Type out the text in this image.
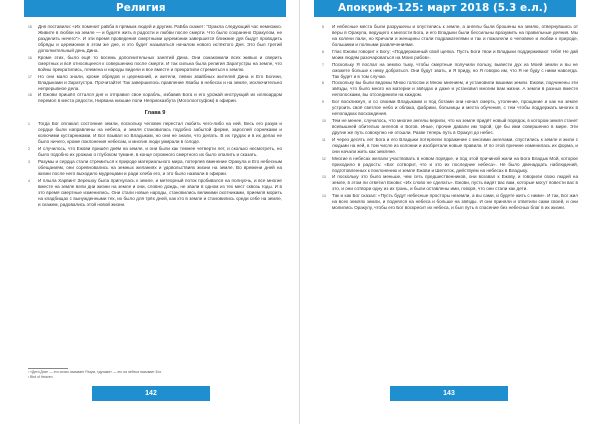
Религия
15 Дня поставили: «Их поменит раБба в прямым людей и другим. РаБба скажет: “Оракла следующий час немножко. Живите в любви на земле — и будете жить в радости и любви после смерти. Что было сохранено Оракулом, не разделить ничего”». И эти время проведения смертными церемонии завершится ближние дуя быдут проводить обряды и церемонии в этом же дне, и это будет называться началом нового истёктого Дня. Это был третий дополнительный день Дина.
16 Кроме этих, было ещё то восемь дополнительных занятий Дина. Они ознакомили всех живых и сверить смертных и всё относящееся к совершению после смерти. И так сильна была религия Заратустры на земле, что войны прекратились, племена и народы видели и все вместе и прекратили стремиться к землю.
17 Но они мало знали, кроме обрядов и церемоний, и жители, певни звайбных жителей Дина и Его Богини, Владыками и Заратустра. Прочитайте! Так завершилось правление Хвабы в небесах и на земле, исключительно непрерывное дела.
18 И Ежови пришёл оттался дня и отправил свое корабль, избавив Бога и его урожай инструкций их иллюардом перемол в места рядости, Нирвана низшие поли Неприоказбута (Моголоотсуфом) в эфирии.
Глава 9
1 Тогда Бог оплакал состояние земли, поскольку человек перестал любить чего-либо на ней. Весь его разум и сердце были направлены на небеса, и земля становилась подобно забытой ферме, зарослей сорняками и колючими кустарниками. И Бог взывал ко Владыкам, но они не знали, что делать. В их трудах и в их делах не было ничего, кроме поклонения небесам, и многие люди умирали в голоде.
2 И случилось, что Ежови пришёл днём на земле, и они были как темнее четверти лет, и сколько несмотреть, но было подобно их урожаю о глубоком тумане, в конце огромного смертного их было опалить и сказать.
3 Разумы и сердца стали стремиться к природе материального мира, потерпев вменение Оракула и Его небесным обещаниям, они соревновались на земных желаниях и удовольствиях жизни на земле. Во времени дней на жизни после него выходило мудрецами и ради хлеба его, и это было назвали в эфирии.
4 И плыла Харвинт Зерешоу была пригнулась к земле, и метеорный поток пробивался на полнуочь, и все многие вместе на земле вели дни жизни на земле и они, словно дождь, не звали в одном из тех мест сквозь годы. И в это время смертные изменились. Они стали новые народы, становились великими охотниками, приемля морить на кладбищах с вынужденными тех, их было для трёх дней, как кто в земле и становились среди себе на земле, и скажем, радовались этой новой жизни.
¹ «Дети Дня» — это слово называет Разум, «духами» — это на небеса называет Бог.
² Bird of Heaven.
142
Апокриф-125: март 2018 (5.3 е.л.)
5 И небесные места были разрушены и опустились к земле, а ангелы были брошены на землю, отвернувшись от веры в Оракула, ведущего к милости Бога, и его Владыки были бессильны вразумить на правильные деяния. Мы на колени пали, но Кричали и женщины стали подражателями и так и пожалели о человеке и любви к природе, большими и полными развлечениями.
6 Глас Ежови говорит к Богу: «Поддержанный свой щепка. Пусть Боги твои и Владыки поддерживают тебя! Не дай моим людям разочароваться на Моих рабов».
7 Поскольку Я послал на землю тьму, чтобы смертные получили пользу, вывести дух из Моей земли и вы не сможете больше к нему добраться. Они будут звать, и Я приду, но Я говорю им, что Я не буду с ними навсегда. Так будет и в том случае.
8 Поскольку вы были ведомы Мною голосом и Мною мнением, и установили вашими земли. Ежови, подчинены эти звёзды, что было много на материи и звёздах и даже и установил многим вам жизни. А земли в разных вместе неполосками, вы отсоединили на каждом.
9 Бог воскликнул, и со своими Владыками и под ботами они начал смерть, утоление, прощание и как на земле устроить своё светлое небо и облака, фабрики, больницы и места обучения, с тем чтобы поддержать многих в неполадках восхождения.
10 Тем не менее, случилось, что многие ангелы верили, что на земле придёт новый порядок, в котором земля станет всевышней обителью ангелов и Богов. Иные, прочие давали им тарой, где бы ими совершенно в мире. Эти другие же путь совокупно не отошли. Разве теперь путь в Оракул до небес.
11 И через десять лет Бога и его Владыки потерпели поражение с многими ангелами, спустились к земле и жили с людьми на ней, в том числе из колонии и изобретали новые правила. И по этой причине изменилась их форма, и они начали жить как земляне.
12 Многие в небесах желали участвовать в новом порядке, и под этой причиной жили на Бога Владык Мой, которое приходило в радость: «Бог сотворит, что и это их последние небеса». Не было двенадцать наблюдений, подготовленных к поклонению и земле Ежови и Шепоток, действуем на небесах в Владыку.
13 И поскольку это было меньше, чем сеть предшественников, они воззвал к Ежову, и говорили свою людей на земле, в этом ли ответил Ежови: «Их слово не сделать». Ежови, пусть видят вас вам, которые могут повести вас в это, и они сотвори одну из их грань, и были оставлены ими, говоря, что они стали как дети.
14 Так и как Бог сказал: «Пусть будут небесные просторы неземли, а вы сами, и будете жить с ними». И так, Бог жил на всех землях земли, и поднялся на небеса и больше на звёзды. И они приняли и ответили сами своей, и они молились Оракулу, чтобы его Бог воскресит их небеса, и был путь в спасение без небесных благ в их жизни.
143
